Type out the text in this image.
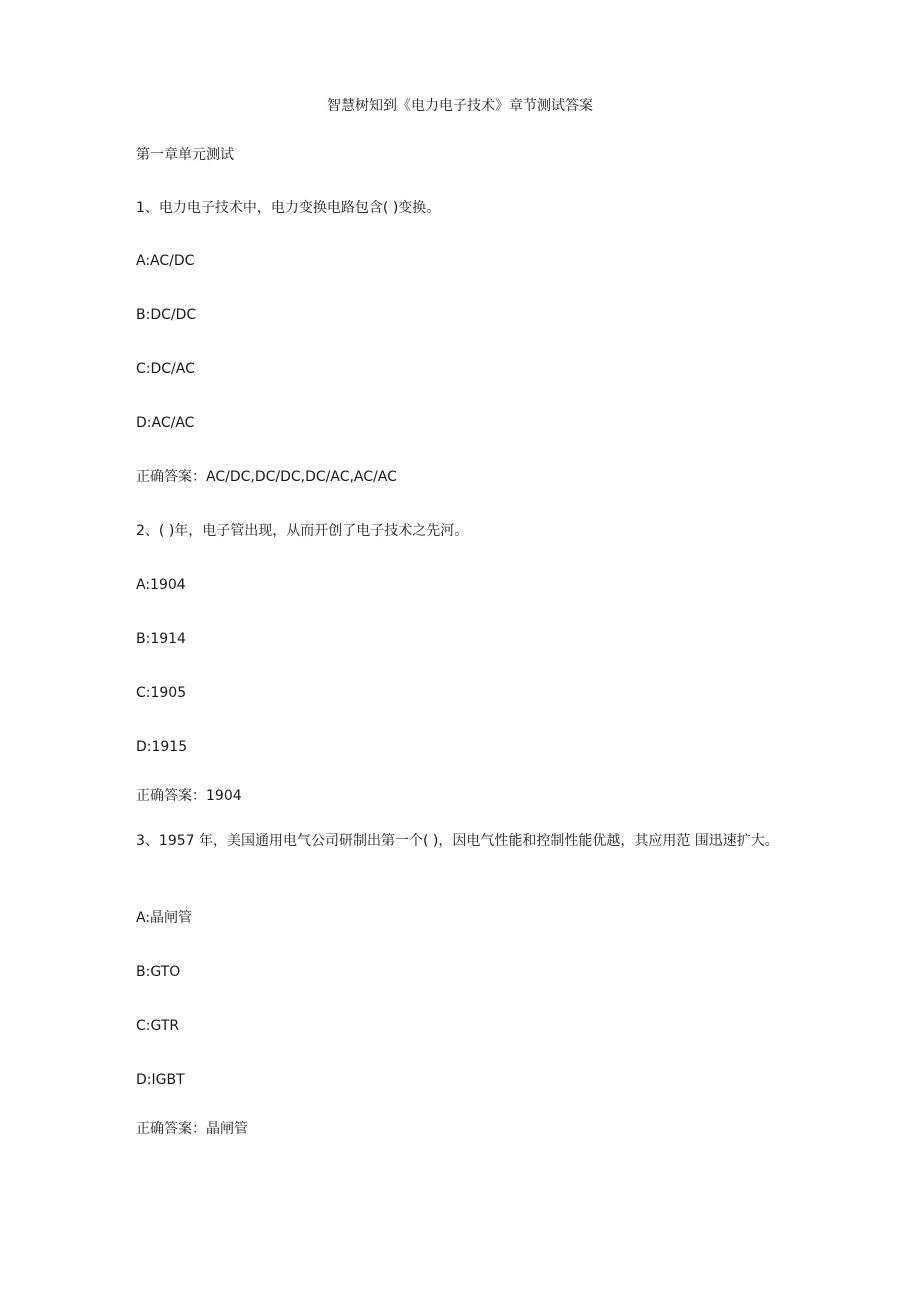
智慧树知到《电力电子技术》章节测试答案
第一章单元测试
1、电力电子技术中，电力变换电路包含( )变换。
A:AC/DC
B:DC/DC
C:DC/AC
D:AC/AC
正确答案：AC/DC,DC/DC,DC/AC,AC/AC
2、( )年，电子管出现，从而开创了电子技术之先河。
A:1904
B:1914
C:1905
D:1915
正确答案：1904
3、1957 年，美国通用电气公司研制出第一个( )，因电气性能和控制性能优越，其应用范 围迅速扩大。
A:晶闸管
B:GTO
C:GTR
D:IGBT
正确答案：晶闸管
